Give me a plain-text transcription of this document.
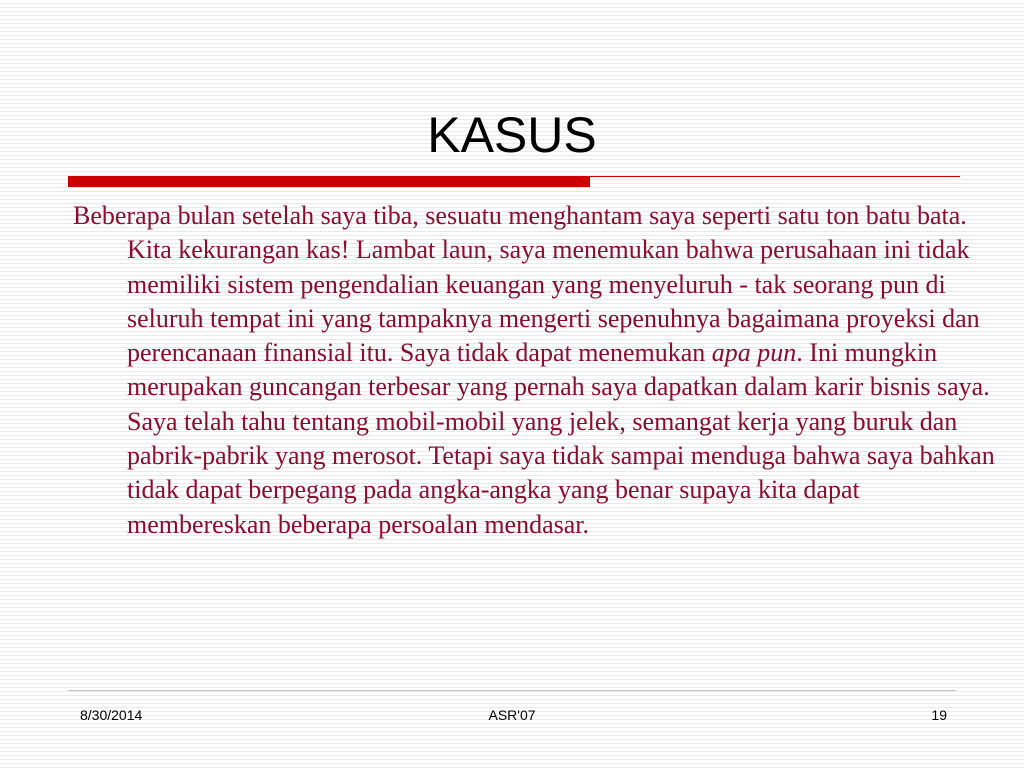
KASUS

Beberapa bulan setelah saya tiba, sesuatu menghantam saya seperti satu ton batu bata. Kita kekurangan kas! Lambat laun, saya menemukan bahwa perusahaan ini tidak memiliki sistem pengendalian keuangan yang menyeluruh - tak seorang pun di seluruh tempat ini yang tampaknya mengerti sepenuhnya bagaimana proyeksi dan perencanaan finansial itu. Saya tidak dapat menemukan apa pun. Ini mungkin merupakan guncangan terbesar yang pernah saya dapatkan dalam karir bisnis saya. Saya telah tahu tentang mobil-mobil yang jelek, semangat kerja yang buruk dan pabrik-pabrik yang merosot. Tetapi saya tidak sampai menduga bahwa saya bahkan tidak dapat berpegang pada angka-angka yang benar supaya kita dapat membereskan beberapa persoalan mendasar.

8/30/2014	ASR'07	19
